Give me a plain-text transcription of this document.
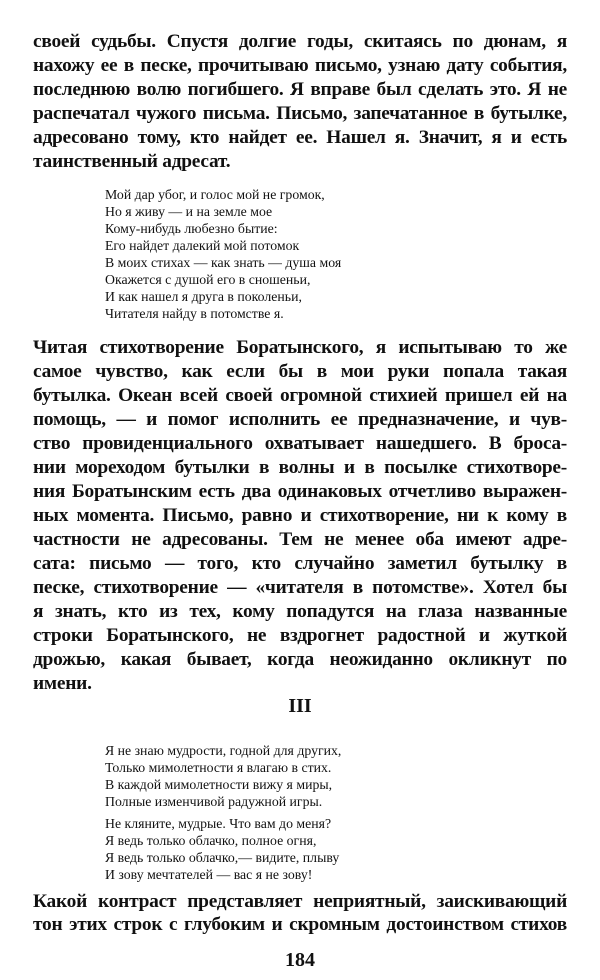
своей судьбы. Спустя долгие годы, скитаясь по дюнам, я
нахожу ее в песке, прочитываю письмо, узнаю дату события,
последнюю волю погибшего. Я вправе был сделать это. Я не
распечатал чужого письма. Письмо, запечатанное в бутылке,
адресовано тому, кто найдет ее. Нашел я. Значит, я и есть
таинственный адресат.
Мой дар убог, и голос мой не громок,
Но я живу — и на земле мое
Кому-нибудь любезно бытие:
Его найдет далекий мой потомок
В моих стихах — как знать — душа моя
Окажется с душой его в сношеньи,
И как нашел я друга в поколеньи,
Читателя найду в потомстве я.
Читая стихотворение Боратынского, я испытываю то же
самое чувство, как если бы в мои руки попала такая
бутылка. Океан всей своей огромной стихией пришел ей на
помощь, — и помог исполнить ее предназначение, и чув-
ство провиденциального охватывает нашедшего. В бросa-
нии мореходом бутылки в волны и в посылке стихотворе-
ния Боратынским есть два одинаковых отчетливо выражен-
ных момента. Письмо, равно и стихотворение, ни к кому в
частности не адресованы. Тем не менее оба имеют адре-
сата: письмо — того, кто случайно заметил бутылку в
песке, стихотворение — «читателя в потомстве». Хотел бы
я знать, кто из тех, кому попадутся на глаза названные
строки Боратынского, не вздрогнет радостной и жуткой
дрожью, какая бывает, когда неожиданно окликнут по
имени.
III
Я не знаю мудрости, годной для других,
Только мимолетности я влагаю в стих.
В каждой мимолетности вижу я миры,
Полные изменчивой радужной игры.
Не кляните, мудрые. Что вам до меня?
Я ведь только облачко, полное огня,
Я ведь только облачко,— видите, плыву
И зову мечтателей — вас я не зову!
Какой контраст представляет неприятный, заискивающий
тон этих строк с глубоким и скромным достоинством стихов
184
